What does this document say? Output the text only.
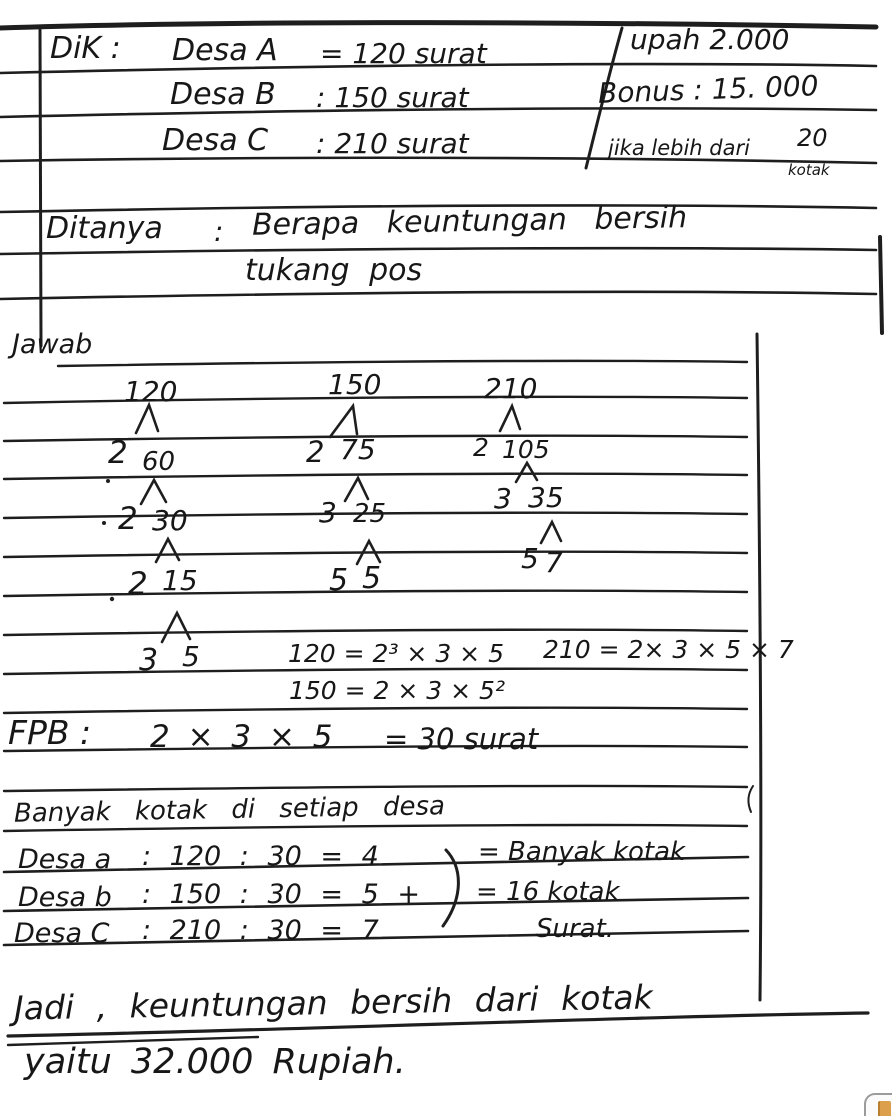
DiK : Desa A = 120 surat	upah 2.000
Desa B : 150 surat	Bonus : 15. 000
Desa C : 210 surat	jika lebih dari 20
kotak
Ditanya : Berapa keuntungan bersih
tukang pos
Jawab
120
2 60
2 30
2 15
3 5
150
2 75
3 25
5 5
210
2 105
3 35
5 7
120 = 2³ × 3 × 5 210 = 2× 3 × 5 × 7
150 = 2 × 3 × 5²
FPB : 2 × 3 × 5 = 30 surat
Banyak kotak di setiap desa
Desa a : 120 : 30 = 4	= Banyak kotak
Desa b : 150 : 30 = 5 + = 16 kotak
Desa C : 210 : 30 = 7	Surat.
Jadi , keuntungan bersih dari kotak
yaitu 32.000 Rupiah.
